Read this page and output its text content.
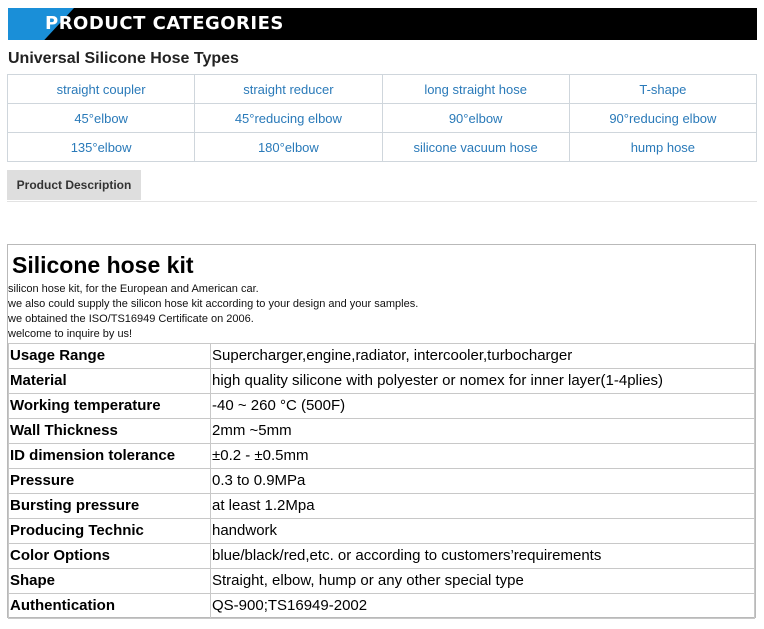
PRODUCT CATEGORIES
Universal Silicone Hose Types
straight coupler	straight reducer	long straight hose	T-shape
45°elbow	45°reducing elbow	90°elbow	90°reducing elbow
135°elbow	180°elbow	silicone vacuum hose	hump hose
Product Description
Silicone hose kit
silicon hose kit, for the European and American car.
we also could supply the silicon hose kit according to your design and your samples.
we obtained the ISO/TS16949 Certificate on 2006.
welcome to inquire by us!
Usage Range	Supercharger,engine,radiator, intercooler,turbocharger
Material	high quality silicone with polyester or nomex for inner layer(1-4plies)
Working temperature	-40 ~ 260 °C (500F)
Wall Thickness	2mm ~5mm
ID dimension tolerance	±0.2 - ±0.5mm
Pressure	0.3 to 0.9MPa
Bursting pressure	at least 1.2Mpa
Producing Technic	handwork
Color Options	blue/black/red,etc. or according to customers’requirements
Shape	Straight, elbow, hump or any other special type
Authentication	QS-900;TS16949-2002
